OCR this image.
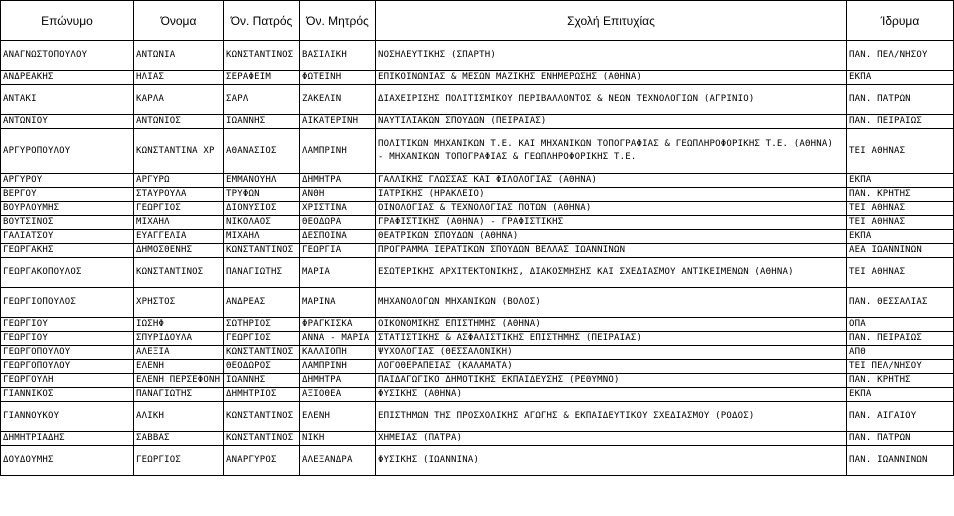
Επώνυμο	Όνομα	Όν. Πατρός	Όν. Μητρός	Σχολή Επιτυχίας	Ίδρυμα
ΑΝΑΓΝΩΣΤΟΠΟΥΛΟΥ	ΑΝΤΩΝΙΑ	ΚΩΝΣΤΑΝΤΙΝΟΣ	ΒΑΣΙΛΙΚΗ	ΝΟΣΗΛΕΥΤΙΚΗΣ (ΣΠΑΡΤΗ)	ΠΑΝ. ΠΕΛ/ΝΗΣΟΥ
ΑΝΔΡΕΑΚΗΣ	ΗΛΙΑΣ	ΣΕΡΑΦΕΙΜ	ΦΩΤΕΙΝΗ	ΕΠΙΚΟΙΝΩΝΙΑΣ & ΜΕΣΩΝ ΜΑΖΙΚΗΣ ΕΝΗΜΕΡΩΣΗΣ (ΑΘΗΝΑ)	ΕΚΠΑ
ΑΝΤΑΚΙ	ΚΑΡΛΑ	ΣΑΡΛ	ΖΑΚΕΛΙΝ	ΔΙΑΧΕΙΡΙΣΗΣ ΠΟΛΙΤΙΣΜΙΚΟΥ ΠΕΡΙΒΑΛΛΟΝΤΟΣ & ΝΕΩΝ ΤΕΧΝΟΛΟΓΙΩΝ (ΑΓΡΙΝΙΟ)	ΠΑΝ. ΠΑΤΡΩΝ
ΑΝΤΩΝΙΟΥ	ΑΝΤΩΝΙΟΣ	ΙΩΑΝΝΗΣ	ΑΙΚΑΤΕΡΙΝΗ	ΝΑΥΤΙΛΙΑΚΩΝ ΣΠΟΥΔΩΝ (ΠΕΙΡΑΙΑΣ)	ΠΑΝ. ΠΕΙΡΑΙΩΣ
ΑΡΓΥΡΟΠΟΥΛΟΥ	ΚΩΝΣΤΑΝΤΙΝΑ ΧΡ	ΑΘΑΝΑΣΙΟΣ	ΛΑΜΠΡΙΝΗ	ΠΟΛΙΤΙΚΩΝ ΜΗΧΑΝΙΚΩΝ Τ.Ε. ΚΑΙ ΜΗΧΑΝΙΚΩΝ ΤΟΠΟΓΡΑΦΙΑΣ & ΓΕΩΠΛΗΡΟΦΟΡΙΚΗΣ Τ.Ε. (ΑΘΗΝΑ) - ΜΗΧΑΝΙΚΩΝ ΤΟΠΟΓΡΑΦΙΑΣ & ΓΕΩΠΛΗΡΟΦΟΡΙΚΗΣ Τ.Ε.	ΤΕΙ ΑΘΗΝΑΣ
ΑΡΓΥΡΟΥ	ΑΡΓΥΡΩ	ΕΜΜΑΝΟΥΗΛ	ΔΗΜΗΤΡΑ	ΓΑΛΛΙΚΗΣ ΓΛΩΣΣΑΣ ΚΑΙ ΦΙΛΟΛΟΓΙΑΣ (ΑΘΗΝΑ)	ΕΚΠΑ
ΒΕΡΓΟΥ	ΣΤΑΥΡΟΥΛΑ	ΤΡΥΦΩΝ	ΑΝΘΗ	ΙΑΤΡΙΚΗΣ (ΗΡΑΚΛΕΙΟ)	ΠΑΝ. ΚΡΗΤΗΣ
ΒΟΥΡΛΟΥΜΗΣ	ΓΕΩΡΓΙΟΣ	ΔΙΟΝΥΣΙΟΣ	ΧΡΙΣΤΙΝΑ	ΟΙΝΟΛΟΓΙΑΣ & ΤΕΧΝΟΛΟΓΙΑΣ ΠΟΤΩΝ (ΑΘΗΝΑ)	ΤΕΙ ΑΘΗΝΑΣ
ΒΟΥΤΣΙΝΟΣ	ΜΙΧΑΗΛ	ΝΙΚΟΛΑΟΣ	ΘΕΟΔΩΡΑ	ΓΡΑΦΙΣΤΙΚΗΣ (ΑΘΗΝΑ) - ΓΡΑΦΙΣΤΙΚΗΣ	ΤΕΙ ΑΘΗΝΑΣ
ΓΑΛΙΑΤΣΟΥ	ΕΥΑΓΓΕΛΙΑ	ΜΙΧΑΗΛ	ΔΕΣΠΟΙΝΑ	ΘΕΑΤΡΙΚΩΝ ΣΠΟΥΔΩΝ (ΑΘΗΝΑ)	ΕΚΠΑ
ΓΕΩΡΓΑΚΗΣ	ΔΗΜΟΣΘΕΝΗΣ	ΚΩΝΣΤΑΝΤΙΝΟΣ	ΓΕΩΡΓΙΑ	ΠΡΟΓΡΑΜΜΑ ΙΕΡΑΤΙΚΩΝ ΣΠΟΥΔΩΝ ΒΕΛΛΑΣ ΙΩΑΝΝΙΝΩΝ	ΑΕΑ ΙΩΑΝΝΙΝΩΝ
ΓΕΩΡΓΑΚΟΠΟΥΛΟΣ	ΚΩΝΣΤΑΝΤΙΝΟΣ	ΠΑΝΑΓΙΩΤΗΣ	ΜΑΡΙΑ	ΕΣΩΤΕΡΙΚΗΣ ΑΡΧΙΤΕΚΤΟΝΙΚΗΣ, ΔΙΑΚΟΣΜΗΣΗΣ ΚΑΙ ΣΧΕΔΙΑΣΜΟΥ ΑΝΤΙΚΕΙΜΕΝΩΝ (ΑΘΗΝΑ)	ΤΕΙ ΑΘΗΝΑΣ
ΓΕΩΡΓΙΟΠΟΥΛΟΣ	ΧΡΗΣΤΟΣ	ΑΝΔΡΕΑΣ	ΜΑΡΙΝΑ	ΜΗΧΑΝΟΛΟΓΩΝ ΜΗΧΑΝΙΚΩΝ (ΒΟΛΟΣ)	ΠΑΝ. ΘΕΣΣΑΛΙΑΣ
ΓΕΩΡΓΙΟΥ	ΙΩΣΗΦ	ΣΩΤΗΡΙΟΣ	ΦΡΑΓΚΙΣΚΑ	ΟΙΚΟΝΟΜΙΚΗΣ ΕΠΙΣΤΗΜΗΣ (ΑΘΗΝΑ)	ΟΠΑ
ΓΕΩΡΓΙΟΥ	ΣΠΥΡΙΔΟΥΛΑ	ΓΕΩΡΓΙΟΣ	ΑΝΝΑ - ΜΑΡΙΑ	ΣΤΑΤΙΣΤΙΚΗΣ & ΑΣΦΑΛΙΣΤΙΚΗΣ ΕΠΙΣΤΗΜΗΣ (ΠΕΙΡΑΙΑΣ)	ΠΑΝ. ΠΕΙΡΑΙΩΣ
ΓΕΩΡΓΟΠΟΥΛΟΥ	ΑΛΕΞΙΑ	ΚΩΝΣΤΑΝΤΙΝΟΣ	ΚΑΛΛΙΟΠΗ	ΨΥΧΟΛΟΓΙΑΣ (ΘΕΣΣΑΛΟΝΙΚΗ)	ΑΠΘ
ΓΕΩΡΓΟΠΟΥΛΟΥ	ΕΛΕΝΗ	ΘΕΟΔΩΡΟΣ	ΛΑΜΠΡΙΝΗ	ΛΟΓΟΘΕΡΑΠΕΙΑΣ (ΚΑΛΑΜΑΤΑ)	ΤΕΙ ΠΕΛ/ΝΗΣΟΥ
ΓΕΩΡΓΟΥΛΗ	ΕΛΕΝΗ ΠΕΡΣΕΦΟΝΗ	ΙΩΑΝΝΗΣ	ΔΗΜΗΤΡΑ	ΠΑΙΔΑΓΩΓΙΚΟ ΔΗΜΟΤΙΚΗΣ ΕΚΠΑΙΔΕΥΣΗΣ (ΡΕΘΥΜΝΟ)	ΠΑΝ. ΚΡΗΤΗΣ
ΓΙΑΝΝΙΚΟΣ	ΠΑΝΑΓΙΩΤΗΣ	ΔΗΜΗΤΡΙΟΣ	ΑΞΙΟΘΕΑ	ΦΥΣΙΚΗΣ (ΑΘΗΝΑ)	ΕΚΠΑ
ΓΙΑΝΝΟΥΚΟΥ	ΑΛΙΚΗ	ΚΩΝΣΤΑΝΤΙΝΟΣ	ΕΛΕΝΗ	ΕΠΙΣΤΗΜΩΝ ΤΗΣ ΠΡΟΣΧΟΛΙΚΗΣ ΑΓΩΓΗΣ & ΕΚΠΑΙΔΕΥΤΙΚΟΥ ΣΧΕΔΙΑΣΜΟΥ (ΡΟΔΟΣ)	ΠΑΝ. ΑΙΓΑΙΟΥ
ΔΗΜΗΤΡΙΑΔΗΣ	ΣΑΒΒΑΣ	ΚΩΝΣΤΑΝΤΙΝΟΣ	ΝΙΚΗ	ΧΗΜΕΙΑΣ (ΠΑΤΡΑ)	ΠΑΝ. ΠΑΤΡΩΝ
ΔΟΥΔΟΥΜΗΣ	ΓΕΩΡΓΙΟΣ	ΑΝΑΡΓΥΡΟΣ	ΑΛΕΞΑΝΔΡΑ	ΦΥΣΙΚΗΣ (ΙΩΑΝΝΙΝΑ)	ΠΑΝ. ΙΩΑΝΝΙΝΩΝ
